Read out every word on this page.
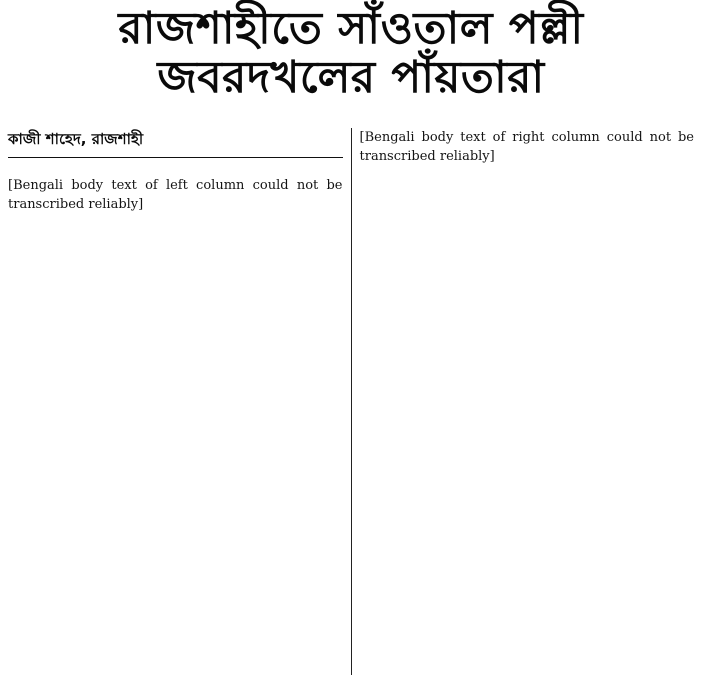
রাজশাহীতে সাঁওতাল পল্লী
জবরদখলের পাঁয়তারা
কাজী শাহেদ, রাজশাহী

[Bengali body text of left column could not be transcribed reliably]

[Bengali body text of right column could not be transcribed reliably]
